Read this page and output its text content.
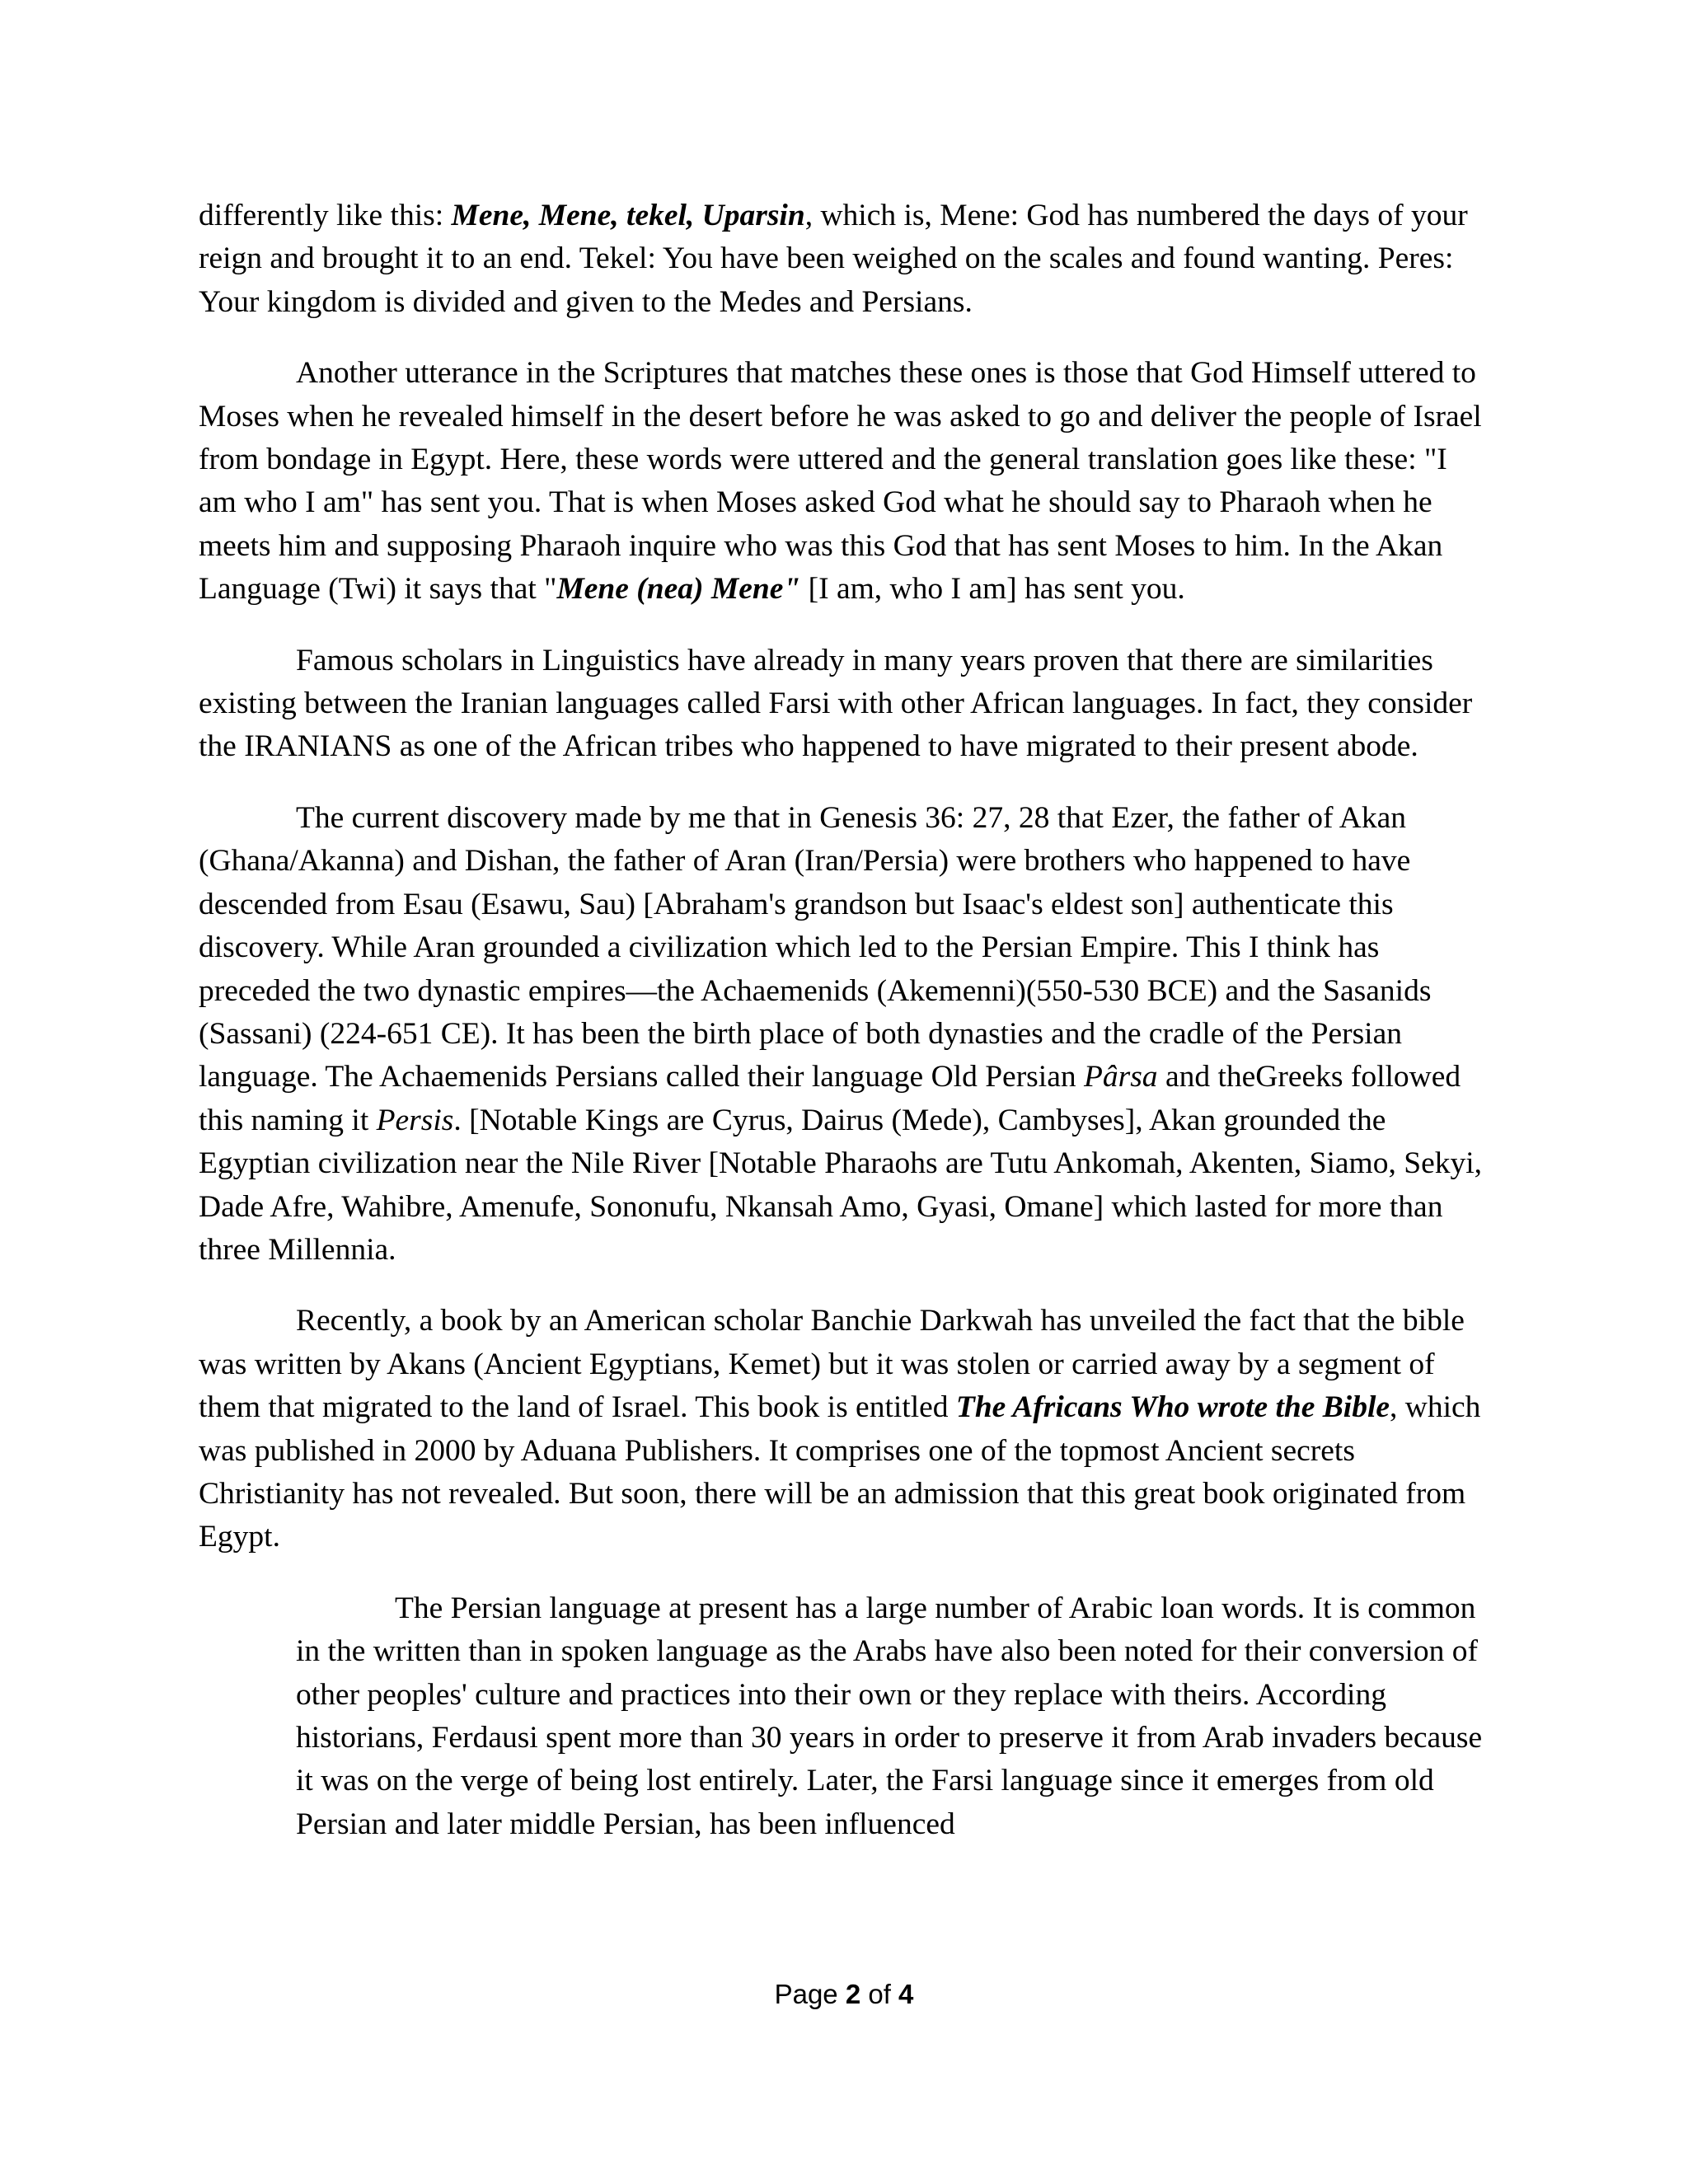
differently like this: Mene, Mene, tekel, Uparsin, which is, Mene: God has numbered the days of your reign and brought it to an end. Tekel: You have been weighed on the scales and found wanting. Peres: Your kingdom is divided and given to the Medes and Persians.

Another utterance in the Scriptures that matches these ones is those that God Himself uttered to Moses when he revealed himself in the desert before he was asked to go and deliver the people of Israel from bondage in Egypt. Here, these words were uttered and the general translation goes like these: "I am who I am" has sent you. That is when Moses asked God what he should say to Pharaoh when he meets him and supposing Pharaoh inquire who was this God that has sent Moses to him. In the Akan Language (Twi) it says that "Mene (nea) Mene" [I am, who I am] has sent you.

Famous scholars in Linguistics have already in many years proven that there are similarities existing between the Iranian languages called Farsi with other African languages. In fact, they consider the IRANIANS as one of the African tribes who happened to have migrated to their present abode.

The current discovery made by me that in Genesis 36: 27, 28 that Ezer, the father of Akan (Ghana/Akanna) and Dishan, the father of Aran (Iran/Persia) were brothers who happened to have descended from Esau (Esawu, Sau) [Abraham's grandson but Isaac's eldest son] authenticate this discovery. While Aran grounded a civilization which led to the Persian Empire. This I think has preceded the two dynastic empires—the Achaemenids (Akemenni)(550-530 BCE) and the Sasanids (Sassani) (224-651 CE). It has been the birth place of both dynasties and the cradle of the Persian language. The Achaemenids Persians called their language Old Persian Pârsa and theGreeks followed this naming it Persis. [Notable Kings are Cyrus, Dairus (Mede), Cambyses], Akan grounded the Egyptian civilization near the Nile River [Notable Pharaohs are Tutu Ankomah, Akenten, Siamo, Sekyi, Dade Afre, Wahibre, Amenufe, Sononufu, Nkansah Amo, Gyasi, Omane] which lasted for more than three Millennia.

Recently, a book by an American scholar Banchie Darkwah has unveiled the fact that the bible was written by Akans (Ancient Egyptians, Kemet) but it was stolen or carried away by a segment of them that migrated to the land of Israel. This book is entitled The Africans Who wrote the Bible, which was published in 2000 by Aduana Publishers. It comprises one of the topmost Ancient secrets Christianity has not revealed. But soon, there will be an admission that this great book originated from Egypt.

The Persian language at present has a large number of Arabic loan words. It is common in the written than in spoken language as the Arabs have also been noted for their conversion of other peoples' culture and practices into their own or they replace with theirs. According historians, Ferdausi spent more than 30 years in order to preserve it from Arab invaders because it was on the verge of being lost entirely. Later, the Farsi language since it emerges from old Persian and later middle Persian, has been influenced

Page 2 of 4
